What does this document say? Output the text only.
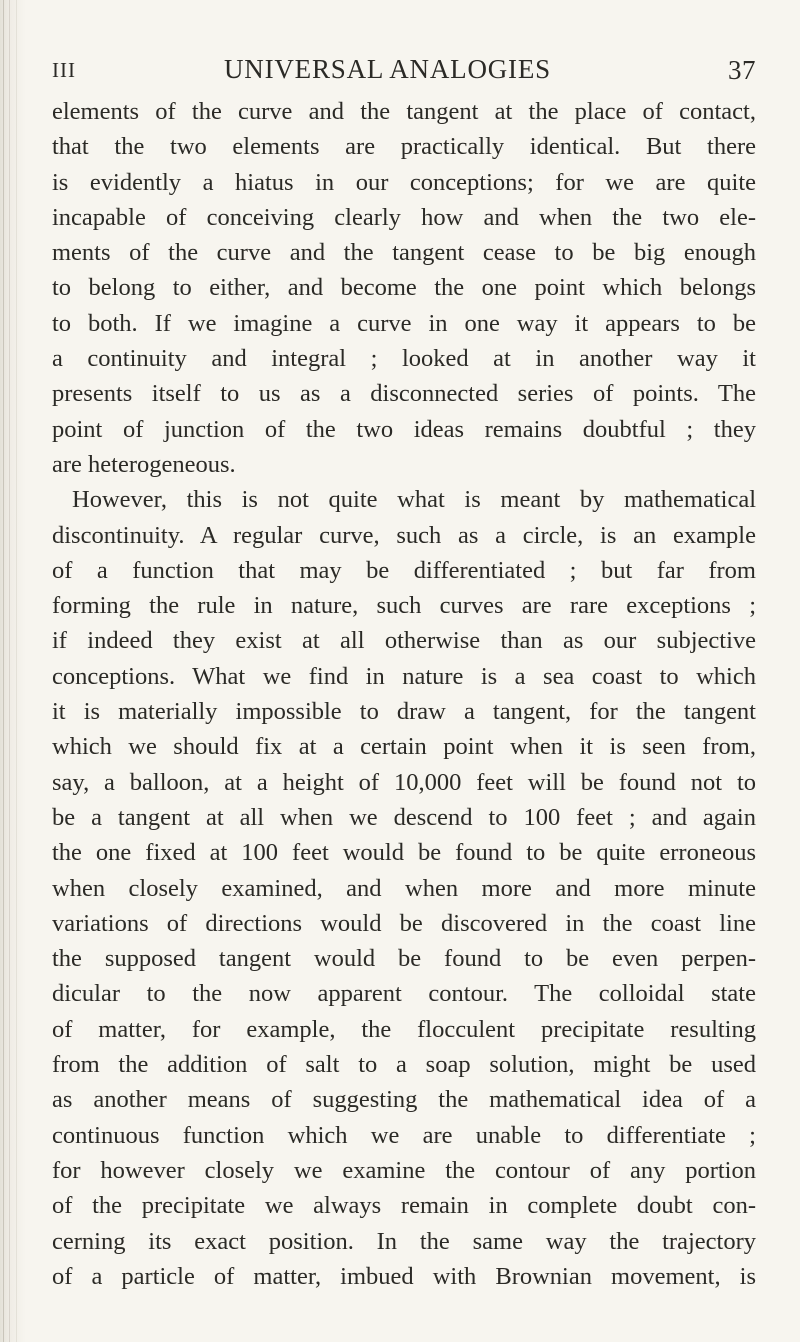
III	UNIVERSAL ANALOGIES	37
elements of the curve and the tangent at the place of contact,
that the two elements are practically identical. But there
is evidently a hiatus in our conceptions; for we are quite
incapable of conceiving clearly how and when the two ele-
ments of the curve and the tangent cease to be big enough
to belong to either, and become the one point which belongs
to both. If we imagine a curve in one way it appears to be
a continuity and integral ; looked at in another way it
presents itself to us as a disconnected series of points. The
point of junction of the two ideas remains doubtful ; they
are heterogeneous.
However, this is not quite what is meant by mathematical
discontinuity. A regular curve, such as a circle, is an example
of a function that may be differentiated ; but far from
forming the rule in nature, such curves are rare exceptions ;
if indeed they exist at all otherwise than as our subjective
conceptions. What we find in nature is a sea coast to which
it is materially impossible to draw a tangent, for the tangent
which we should fix at a certain point when it is seen from,
say, a balloon, at a height of 10,000 feet will be found not to
be a tangent at all when we descend to 100 feet ; and again
the one fixed at 100 feet would be found to be quite erroneous
when closely examined, and when more and more minute
variations of directions would be discovered in the coast line
the supposed tangent would be found to be even perpen-
dicular to the now apparent contour. The colloidal state
of matter, for example, the flocculent precipitate resulting
from the addition of salt to a soap solution, might be used
as another means of suggesting the mathematical idea of a
continuous function which we are unable to differentiate ;
for however closely we examine the contour of any portion
of the precipitate we always remain in complete doubt con-
cerning its exact position. In the same way the trajectory
of a particle of matter, imbued with Brownian movement, is
